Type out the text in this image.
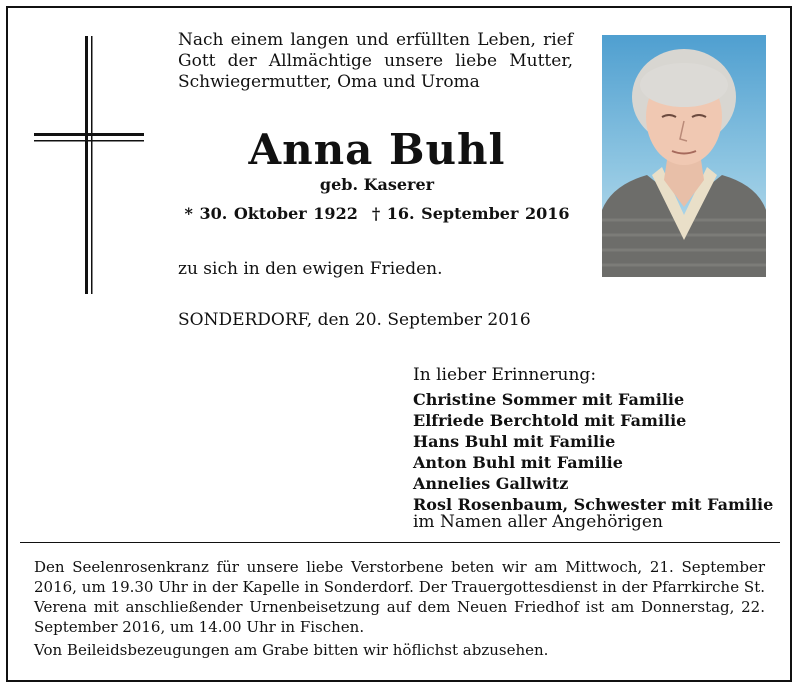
Nach einem langen und erfüllten Leben, rief Gott der Allmächtige unsere liebe Mutter, Schwiegermutter, Oma und Uroma
Anna Buhl
geb. Kaserer
* 30. Oktober 1922 † 16. September 2016
zu sich in den ewigen Frieden.
SONDERDORF, den 20. September 2016
In lieber Erinnerung:
Christine Sommer mit Familie
Elfriede Berchtold mit Familie
Hans Buhl mit Familie
Anton Buhl mit Familie
Annelies Gallwitz
Rosl Rosenbaum, Schwester mit Familie
im Namen aller Angehörigen

Den Seelenrosenkranz für unsere liebe Verstorbene beten wir am Mittwoch, 21. September 2016, um 19.30 Uhr in der Kapelle in Sonderdorf. Der Trauergottesdienst in der Pfarrkirche St. Verena mit anschließender Urnenbeisetzung auf dem Neuen Friedhof ist am Donnerstag, 22. September 2016, um 14.00 Uhr in Fischen.

Von Beileidsbezeugungen am Grabe bitten wir höflichst abzusehen.
